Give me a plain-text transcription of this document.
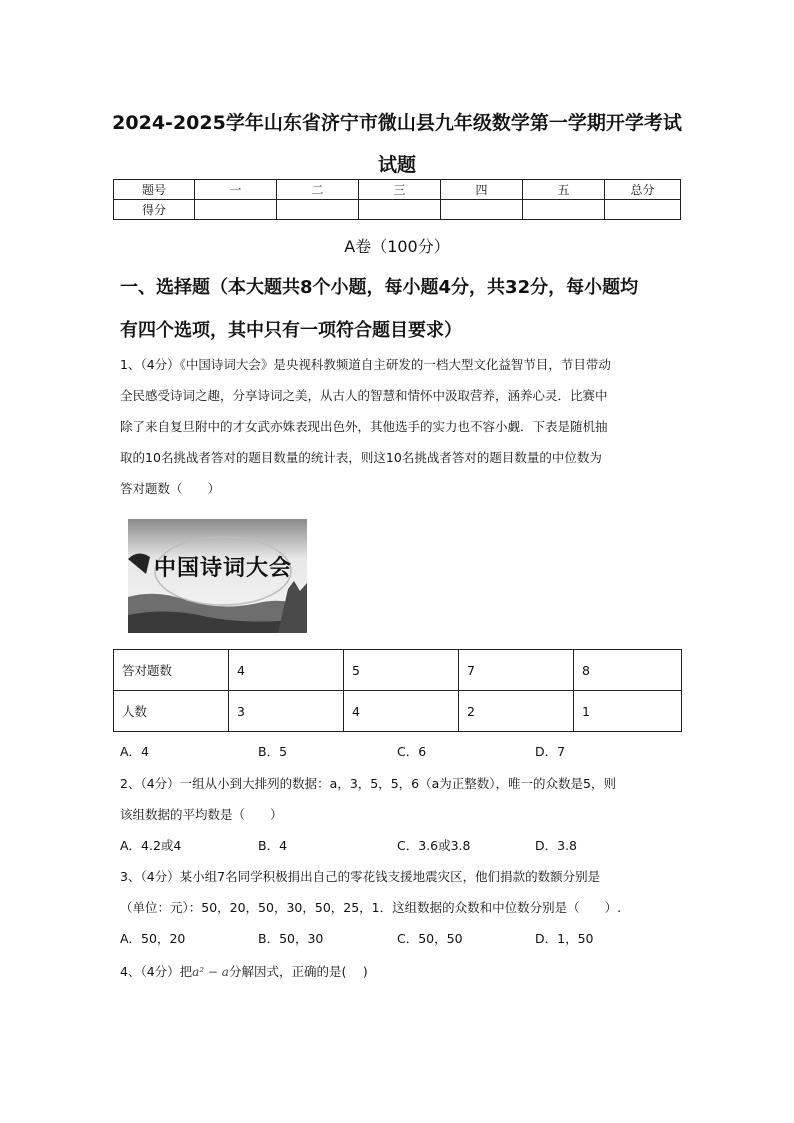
2024-2025学年山东省济宁市微山县九年级数学第一学期开学考试
试题
题号	一	二	三	四	五	总分
得分						
A卷（100分）
一、选择题（本大题共8个小题，每小题4分，共32分，每小题均
有四个选项，其中只有一项符合题目要求）
1、（4分）《中国诗词大会》是央视科教频道自主研发的一档大型文化益智节目，节目带动
全民感受诗词之趣，分享诗词之美，从古人的智慧和情怀中汲取营养，涵养心灵．比赛中
除了来自复旦附中的才女武亦姝表现出色外，其他选手的实力也不容小觑．下表是随机抽
取的10名挑战者答对的题目数量的统计表，则这10名挑战者答对的题目数量的中位数为
答对题数（　　）
中国诗词大会
答对题数	4	5	7	8
人数	3	4	2	1
A．4	B．5	C．6	D．7
2、（4分）一组从小到大排列的数据：a，3，5，5，6（a为正整数），唯一的众数是5，则
该组数据的平均数是（　　）
A．4.2或4	B．4	C．3.6或3.8	D．3.8
3、（4分）某小组7名同学积极捐出自己的零花钱支援地震灾区，他们捐款的数额分别是
（单位：元）：50，20，50，30，50，25，1．这组数据的众数和中位数分别是（　　）.
A．50，20	B．50，30	C．50，50	D．1，50
4、（4分）把a² − a分解因式，正确的是(　 )
